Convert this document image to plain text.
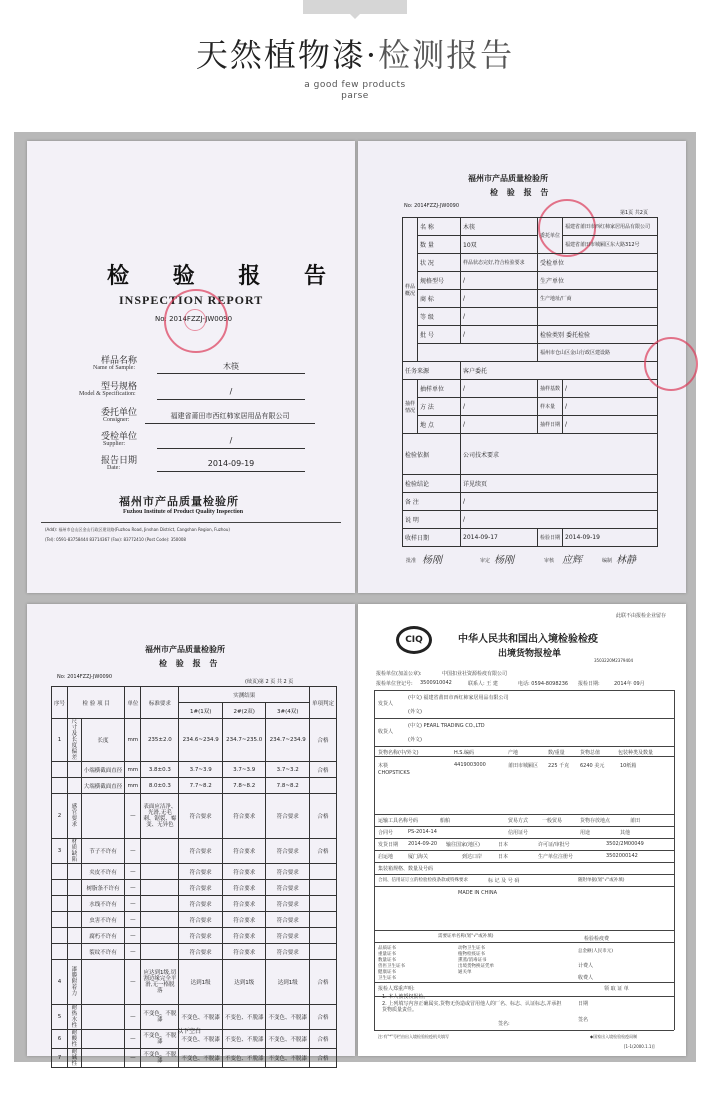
天然植物漆·检测报告
a good few products
parse
检 验 报 告
INSPECTION REPORT
No: 2014FZZJ-JW0090
样品名称
Name of Sample:	木筷
型号规格
Model & Specification:	/
委托单位
Consigner:	福建省莆田市西红柿家居用品有限公司
受检单位
Supplier:	/
报告日期
Date:	2014-09-19
福州市产品质量检验所
Fuzhou Institute of Product Quality Inspection
(Add): 福州市仓山区金山行政区建设路(Fuzhou Road, Jinshan District, Cangshan Region, Fuzhou)
(Tel): 0591-83758444 83714367 (Fax): 83772410 (Post Code): 350008
福州市产品质量检验所
检 验 报 告
No: 2014FZZJ-JW0090
第1页 共2页
样品概况	名 称	木筷	委托单位	福建省莆田市西红柿家居用品有限公司
	数 量	10双		福建省莆田市城厢区东大路312号
	状 况	样品状态完好,符合检验要求	受检单位	
	规格型号	/	生产单位	
	商 标	/	生产地址/厂商	
	等 级	/		
	批 号	/	检验类别 委托检验	
			福州市仓山区金山行政区建设路	
任务来源		客户委托		
抽样情况	抽样单位	/	抽样基数	/
	方 法	/	样本量	/
	地 点	/	抽样日期	/
检验依据		公司技术要求		
检验结论		详见续页		
备 注		/		
说 明		/		
收样日期		2014-09-17	检验日期	2014-09-19
批准 杨刚	审定 杨刚	审核 应辉	编制 林静
福州市产品质量检验所
检 验 报 告
No: 2014FZZJ-JW0090
(续页)第 2 页 共 2 页
序号	检 验 项 目		单位	标准要求	实测结果			单项判定
					1#(1双)	2#(2双)	3#(4双)	
1	尺寸及长度偏差	长度	mm	235±2.0	234.6~234.9	234.7~235.0	234.7~234.9	合格
		小端横截面直径	mm	3.8±0.3	3.7~3.9	3.7~3.9	3.7~3.2	合格
		大端横截面直径	mm	8.0±0.3	7.7~8.2	7.8~8.2	7.8~8.2	
2	感官要求		—	表面应洁净、光滑,无毛刺、锯裂、霉变、无异色	符合要求	符合要求	符合要求	合格
3	材质缺陷	节子不许有	—		符合要求	符合要求	符合要求	合格
		夹皮不许有	—		符合要求	符合要求	符合要求	
		树脂条不许有	—		符合要求	符合要求	符合要求	
		水线不许有	—		符合要求	符合要求	符合要求	
		虫害不许有	—		符合要求	符合要求	符合要求	
		腐朽不许有	—		符合要求	符合要求	符合要求	
		裂纹不许有	—		符合要求	符合要求	符合要求	
4	漆膜附着力		—	应达到1级,切割边缘完全平滑,无一格脱落	达到1级	达到1级	达到1级	合格
5	耐热水性		—	不变色、不脱漆	不变色、不脱漆	不变色、不脱漆	不变色、不脱漆	合格
6	耐酸性		—	不变色、不脱漆	不变色、不脱漆	不变色、不脱漆	不变色、不脱漆	合格
7	耐碱性		—	不变色、不脱漆	不变色、不脱漆	不变色、不脱漆	不变色、不脱漆	合格
以下空白
此联不由报检企业留存
CIQ	中华人民共和国出入境检验检疫
出境货物报检单
3503220M2379404
报检单位(加盖公章):	中国扣业社资源检疫有限公司
报检单位登记号: 3500910042	联系人: 王 建	电话: 0594-8098236 报检日期:	2014年 09月
发货人
(中文) 福建省莆田市西红柿家居用品有限公司
(外文)
收货人
(中文) PEARL TRADING CO.,LTD
(外文)
货物名称(中/外文)	H.S.编码	产地	数/重量	货物总值	包装种类及数量
木筷
CHOPSTICKS
4419003000	莆田市城厢区 225 千克 6240 美元	10纸箱
运输工具名称号码	船舶	贸易方式	一般贸易	货物存放地点	莆田
合同号	PS-2014-14	信用证号	用途	其他
发货日期 2014-09-20 输往国家(地区)	日本	许可证/审批号	3502/2M00049
启运地	厦门海关	到达口岸	日本	生产单位注册号	3502000142
集装箱规格、数量及号码
合同、信用证订立的检验检疫条款或特殊要求	标 记 及 号 码
MADE IN CHINA
随附单据(划"√"或补填)
需要证单名称(划"√"或补填)
品质证书
重量证书
数量证书
兽医卫生证书
健康证书
卫生证书
动物卫生证书
植物检疫证书
熏蒸/消毒证书
出境货物换证凭单
通关单
检验检疫费
总金额(人民币元)
计费人
收费人
报检人郑重声明:
1. 本人被授权报检。
2. 上列填写内容正确属实,货物无伪造或冒用他人的厂名、标志、认证标志,并承担货物质量责任。
签名:
领 取 证 单
日期
签名
注:有"*"号栏由出入境检验检疫机关填写	◆国家出入境检验检疫局制
[1-1(2000.1.1)]
